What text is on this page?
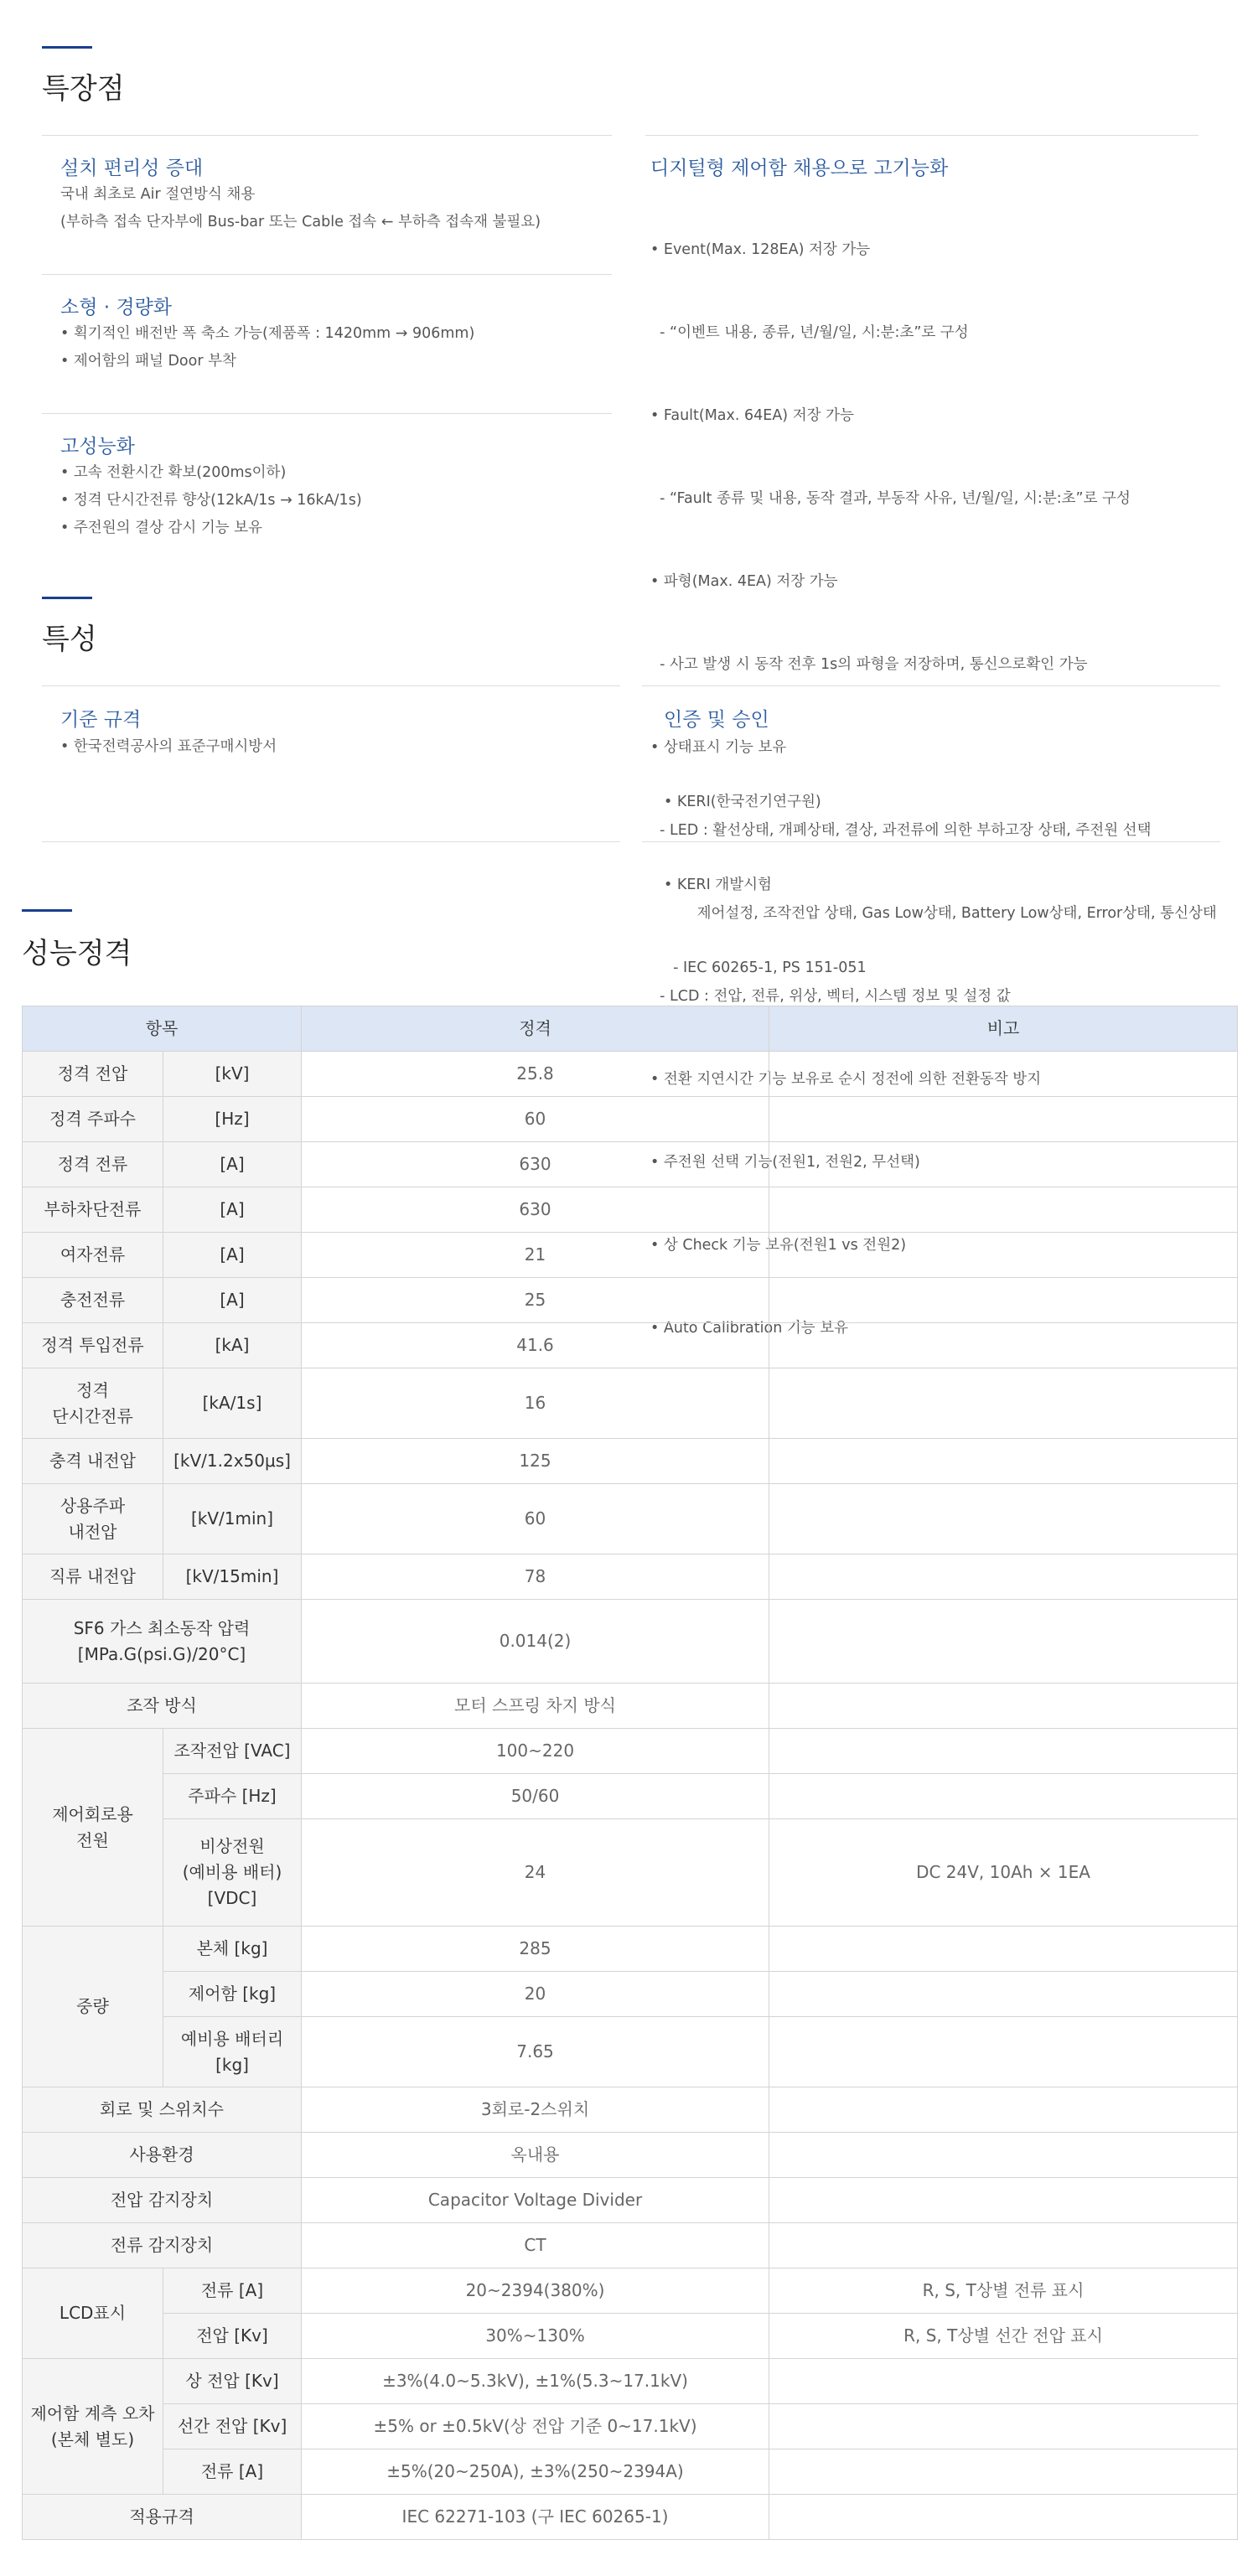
특장점
설치 편리성 증대
국내 최초로 Air 절연방식 채용
(부하측 접속 단자부에 Bus-bar 또는 Cable 접속 ← 부하측 접속재 불필요)
소형 · 경량화
• 획기적인 배전반 폭 축소 가능(제품폭 : 1420mm → 906mm)
• 제어함의 패널 Door 부착
고성능화
• 고속 전환시간 확보(200ms이하)
• 정격 단시간전류 향상(12kA/1s → 16kA/1s)
• 주전원의 결상 감시 기능 보유
디지털형 제어함 채용으로 고기능화

• Event(Max. 128EA) 저장 가능

- “이벤트 내용, 종류, 년/월/일, 시:분:초”로 구성

• Fault(Max. 64EA) 저장 가능

- “Fault 종류 및 내용, 동작 결과, 부동작 사유, 년/월/일, 시:분:초”로 구성

• 파형(Max. 4EA) 저장 가능

- 사고 발생 시 동작 전후 1s의 파형을 저장하며, 통신으로확인 가능

• 상태표시 기능 보유

- LED : 활선상태, 개폐상태, 결상, 과전류에 의한 부하고장 상태, 주전원 선택

제어설정, 조작전압 상태, Gas Low상태, Battery Low상태, Error상태, 통신상태

- LCD : 전압, 전류, 위상, 벡터, 시스템 정보 및 설정 값

• 전환 지연시간 기능 보유로 순시 정전에 의한 전환동작 방지

• 주전원 선택 기능(전원1, 전원2, 무선택)

• 상 Check 기능 보유(전원1 vs 전원2)

• Auto Calibration 기능 보유

특성
기준 규격
• 한국전력공사의 표준구매시방서
인증 및 승인

• KERI(한국전기연구원)

• KERI 개발시험

- IEC 60265-1, PS 151-051

성능정격
항목		정격	비고
정격 전압	[kV]	25.8	
정격 주파수	[Hz]	60	
정격 전류	[A]	630	
부하차단전류	[A]	630	
여자전류	[A]	21	
충전전류	[A]	25	
정격 투입전류	[kA]	41.6	
정격
단시간전류	[kA/1s]	16	
충격 내전압	[kV/1.2x50μs]	125	
상용주파
내전압	[kV/1min]	60	
직류 내전압	[kV/15min]	78	
SF6 가스 최소동작 압력
[MPa.G(psi.G)/20°C]		0.014(2)	
조작 방식		모터 스프링 차지 방식	
제어회로용
전원	조작전압 [VAC]	100~220	
	주파수 [Hz]	50/60	
	비상전원
(예비용 배터)
[VDC]	24	DC 24V, 10Ah × 1EA
중량	본체 [kg]	285	
	제어함 [kg]	20	
	예비용 배터리
[kg]	7.65	
회로 및 스위치수		3회로-2스위치	
사용환경		옥내용	
전압 감지장치		Capacitor Voltage Divider	
전류 감지장치		CT	
LCD표시	전류 [A]	20~2394(380%)	R, S, T상별 전류 표시
	전압 [Kv]	30%~130%	R, S, T상별 선간 전압 표시
제어함 계측 오차
(본체 별도)	상 전압 [Kv]	±3%(4.0~5.3kV), ±1%(5.3~17.1kV)	
	선간 전압 [Kv]	±5% or ±0.5kV(상 전압 기준 0~17.1kV)	
	전류 [A]	±5%(20~250A), ±3%(250~2394A)	
적용규격		IEC 62271-103 (구 IEC 60265-1)	
